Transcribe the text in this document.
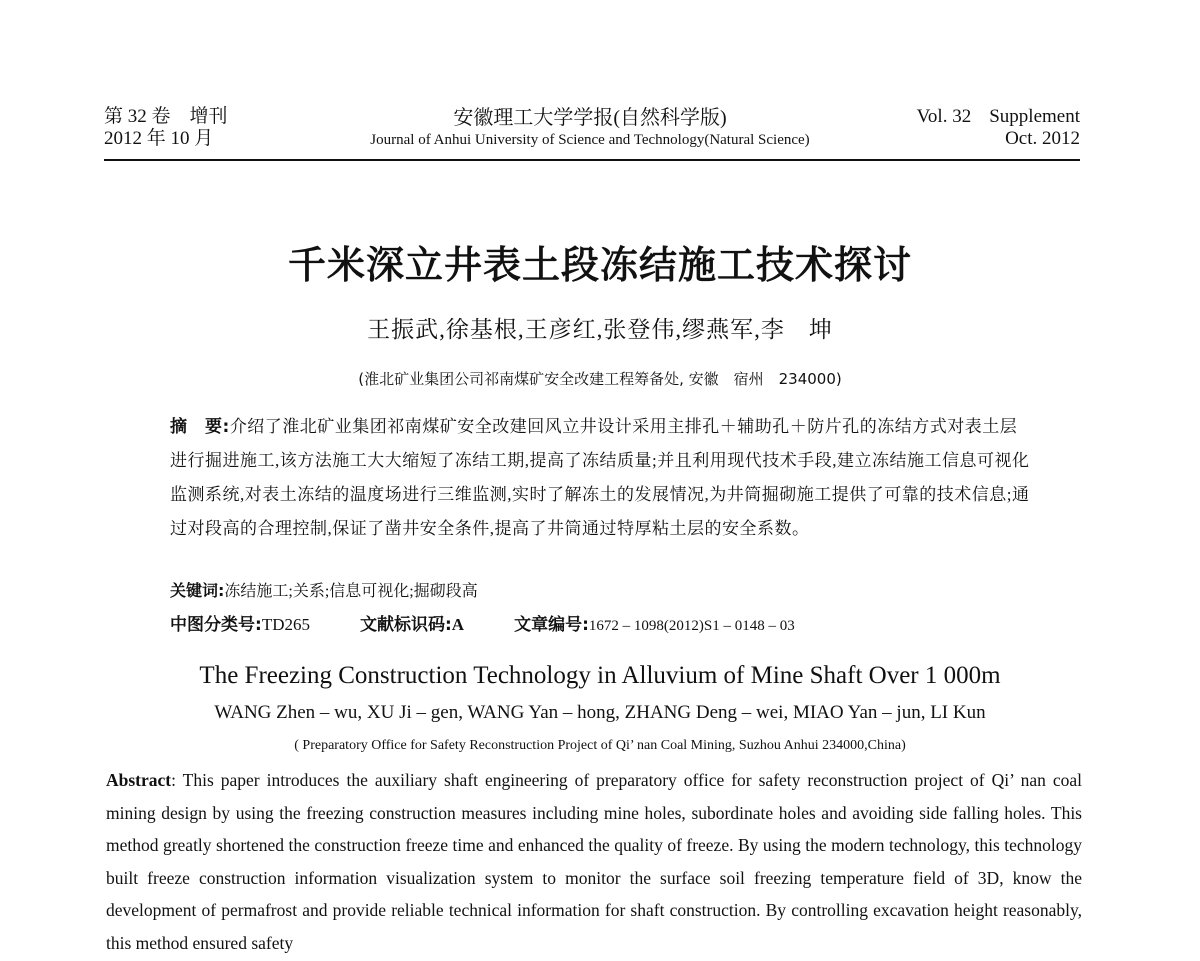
第 32 卷　增刊
2012 年 10 月
安徽理工大学学报(自然科学版)
Journal of Anhui University of Science and Technology(Natural Science)
Vol. 32 Supplement
Oct. 2012
千米深立井表土段冻结施工技术探讨
王振武,徐基根,王彦红,张登伟,缪燕军,李　坤
(淮北矿业集团公司祁南煤矿安全改建工程筹备处, 安徽　宿州　234000)
摘　要:介绍了淮北矿业集团祁南煤矿安全改建回风立井设计采用主排孔＋辅助孔＋防片孔的冻结方式对表土层进行掘进施工,该方法施工大大缩短了冻结工期,提高了冻结质量;并且利用现代技术手段,建立冻结施工信息可视化监测系统,对表土冻结的温度场进行三维监测,实时了解冻土的发展情况,为井筒掘砌施工提供了可靠的技术信息;通过对段高的合理控制,保证了凿井安全条件,提高了井筒通过特厚粘土层的安全系数。
关键词:冻结施工;关系;信息可视化;掘砌段高
中图分类号:TD265	文献标识码:A	文章编号:1672 – 1098(2012)S1 – 0148 – 03
The Freezing Construction Technology in Alluvium of Mine Shaft Over 1 000m
WANG Zhen – wu, XU Ji – gen, WANG Yan – hong, ZHANG Deng – wei, MIAO Yan – jun, LI Kun
( Preparatory Office for Safety Reconstruction Project of Qi’ nan Coal Mining, Suzhou Anhui 234000,China)
Abstract: This paper introduces the auxiliary shaft engineering of preparatory office for safety reconstruction project of Qi’ nan coal mining design by using the freezing construction measures including mine holes, subordinate holes and avoiding side falling holes. This method greatly shortened the construction freeze time and enhanced the quality of freeze. By using the modern technology, this technology built freeze construction information visualization system to monitor the surface soil freezing temperature field of 3D, know the development of permafrost and provide reliable technical information for shaft construction. By controlling excavation height reasonably, this method ensured safety
